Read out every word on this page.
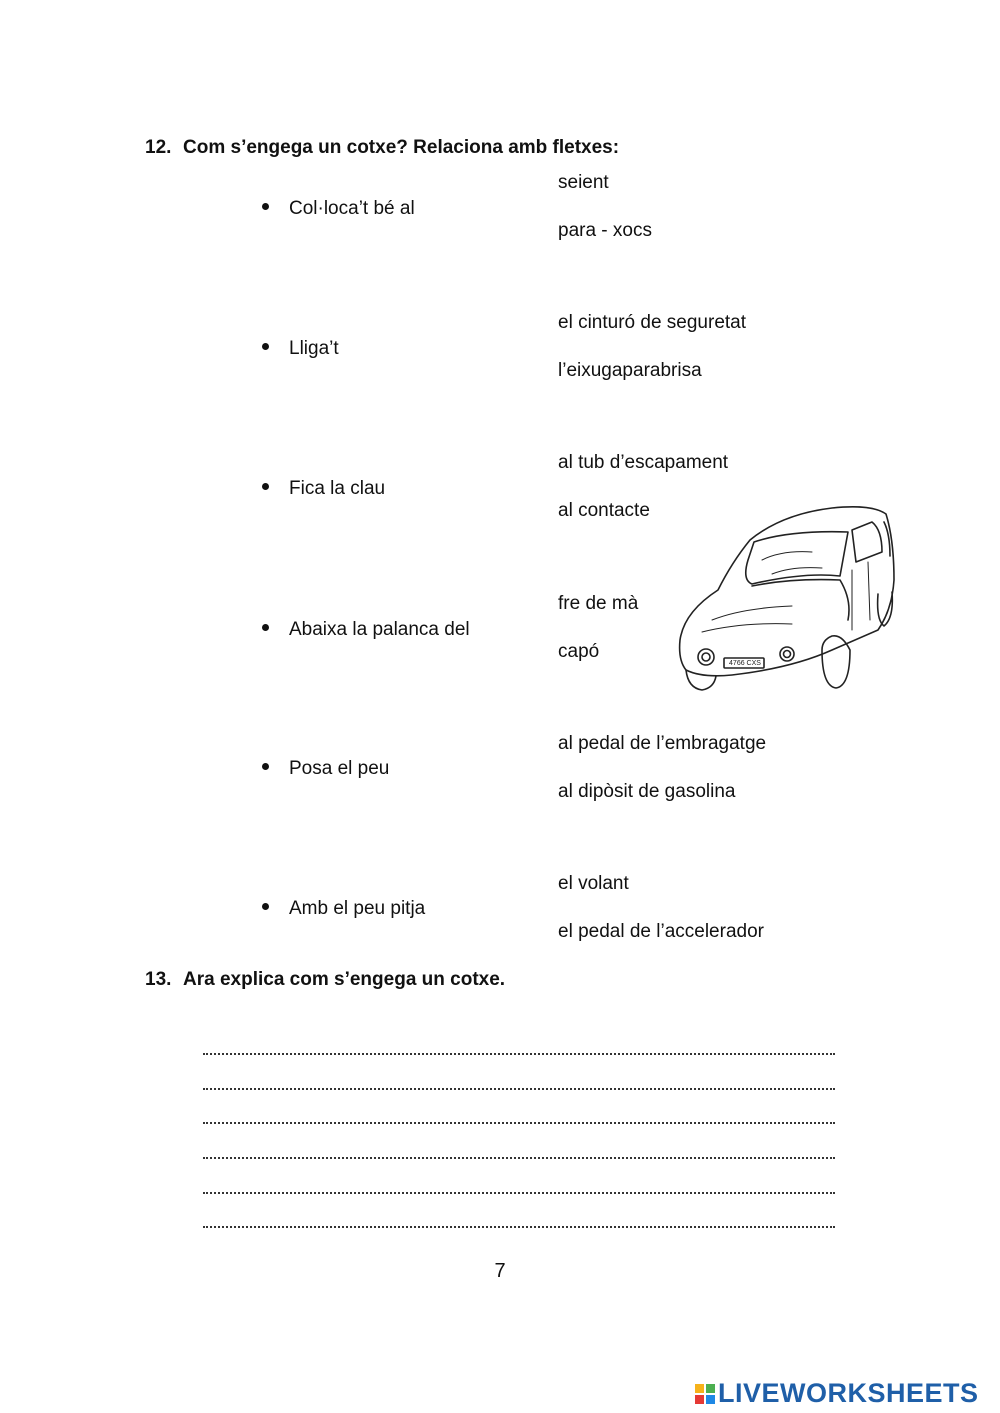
12. Com s’engega un cotxe? Relaciona amb fletxes:
seient
Col·loca’t bé al
para - xocs
el cinturó de seguretat
Lliga’t
l’eixugaparabrisa
al tub d’escapament
Fica la clau
al contacte
fre de mà
Abaixa la palanca del
capó
al pedal de l’embragatge
Posa el peu
al dipòsit de gasolina
el volant
Amb el peu pitja
el pedal de l’accelerador
4766 CXS
13. Ara explica com s’engega un cotxe.
7
LIVEWORKSHEETS
